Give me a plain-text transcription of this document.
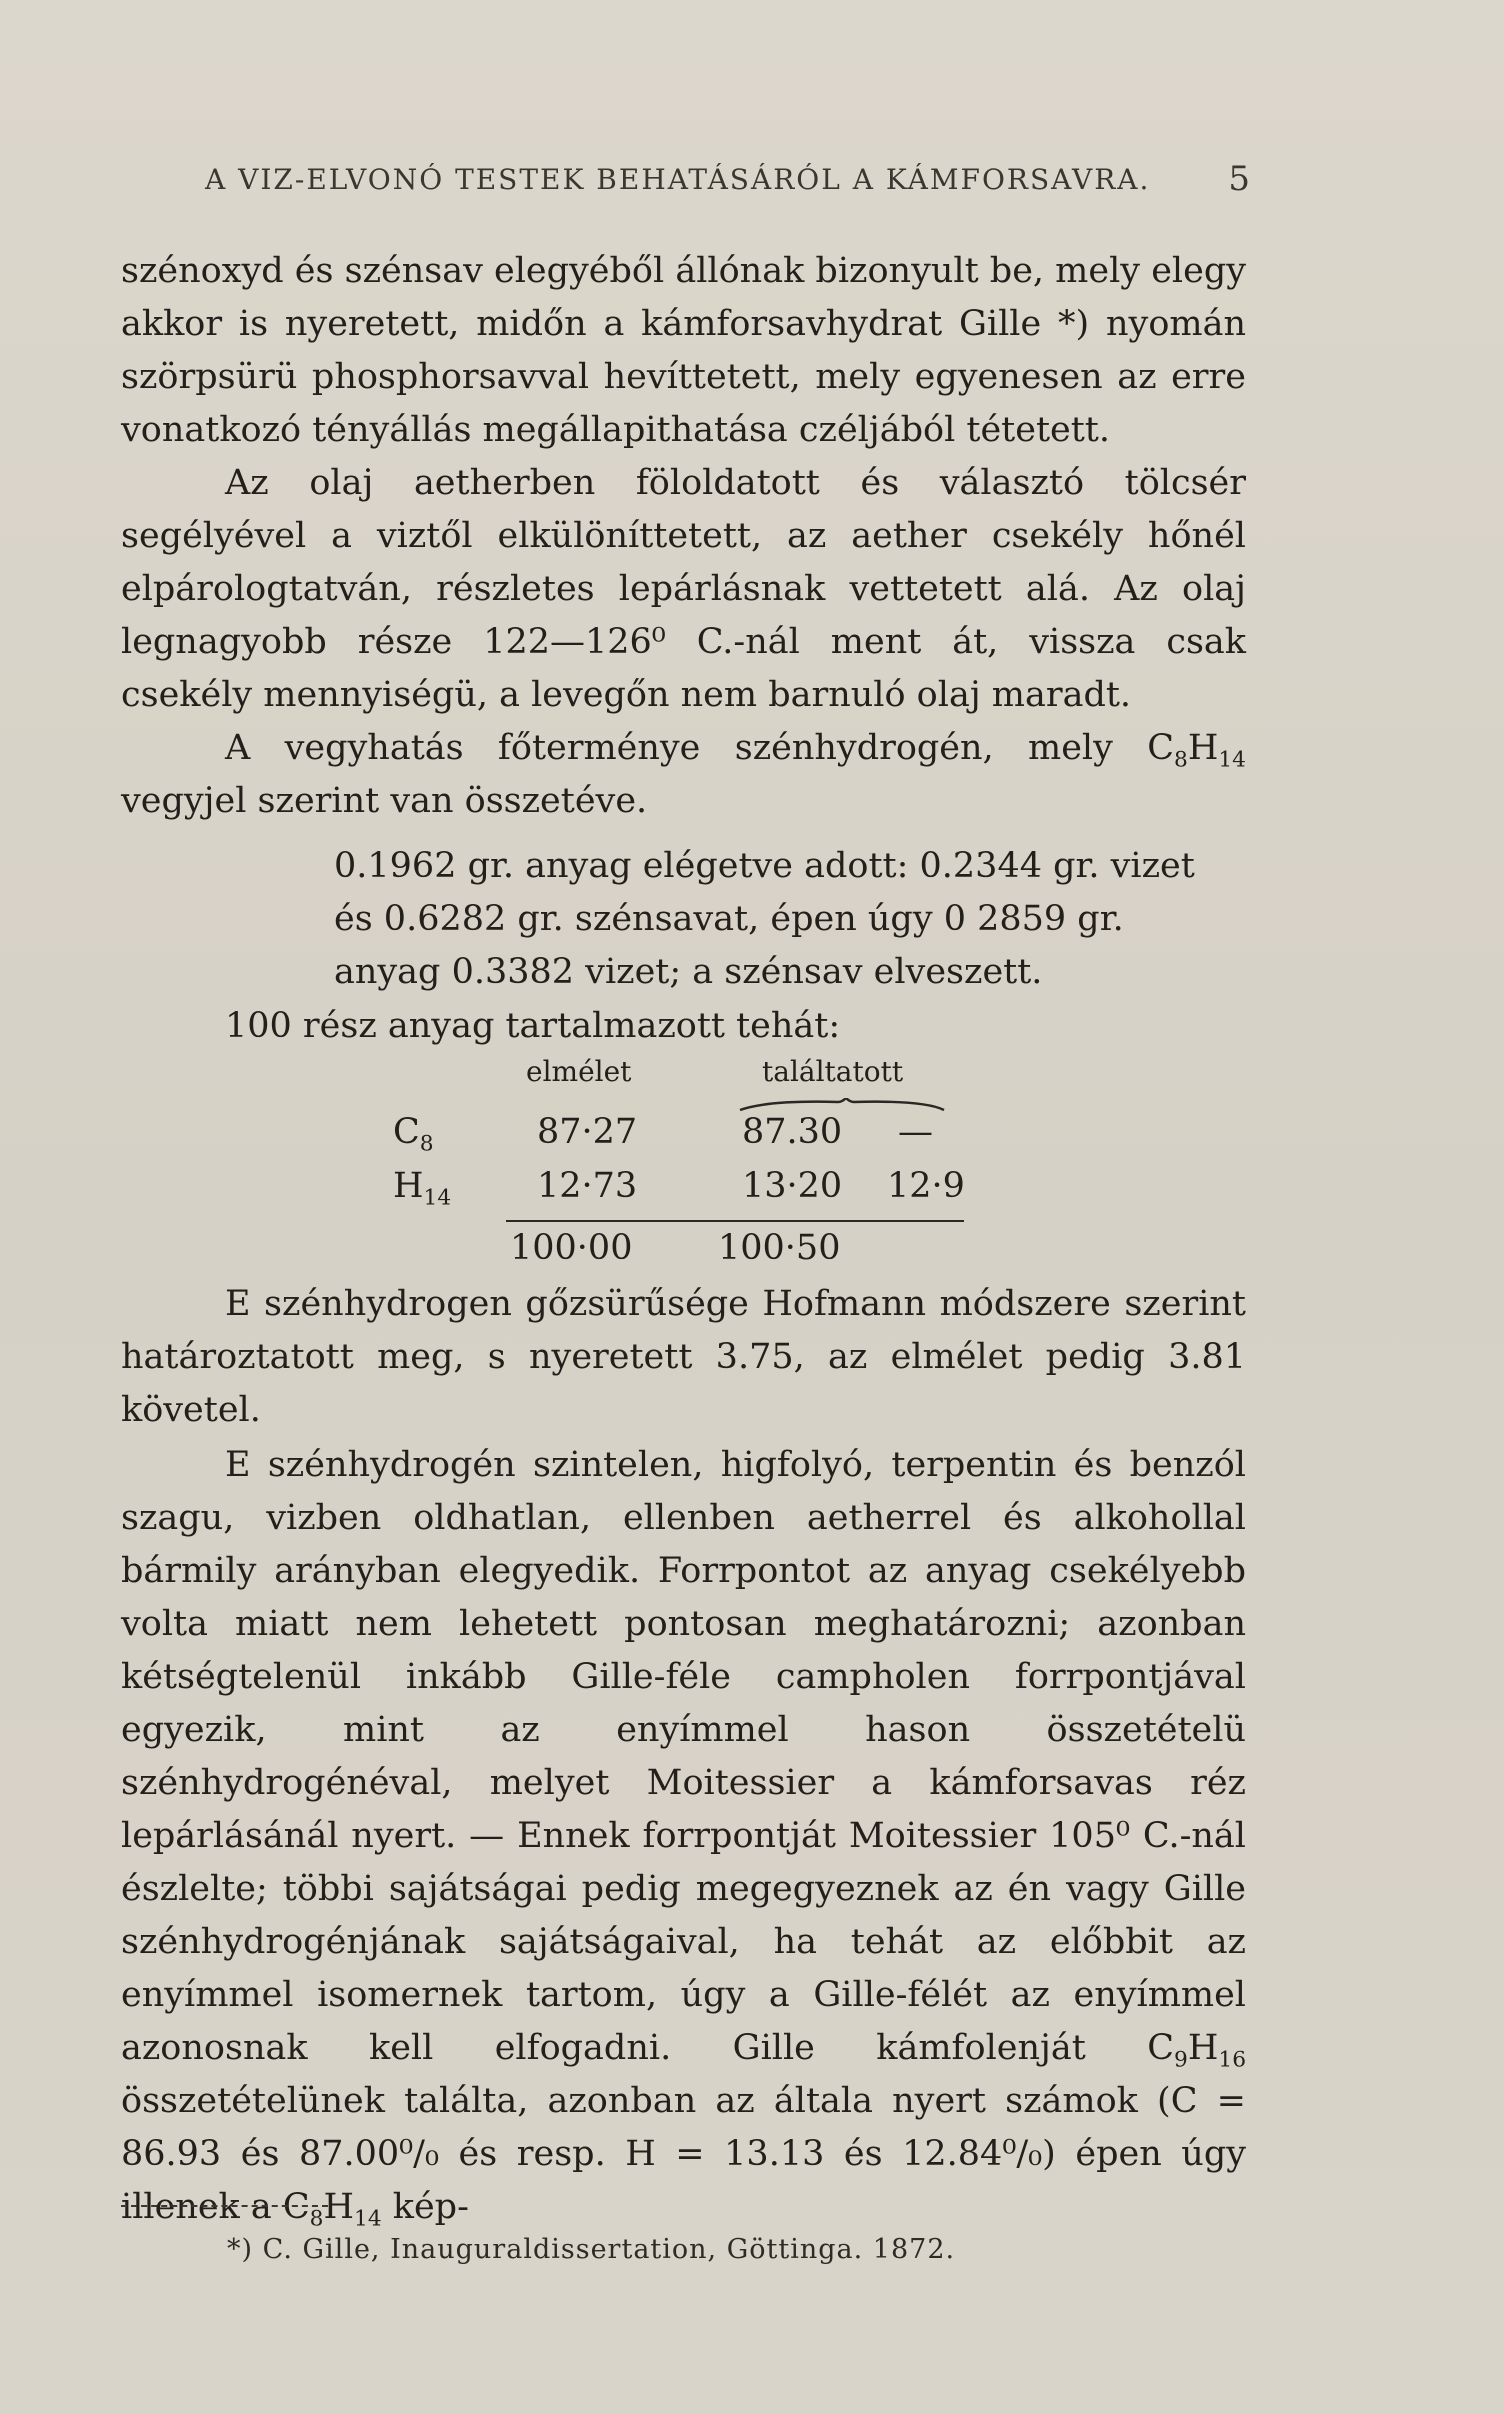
A VIZ-ELVONÓ TESTEK BEHATÁSÁRÓL A KÁMFORSAVRA. 5

szénoxyd és szénsav elegyéből állónak bizonyult be, mely elegy akkor is nyeretett, midőn a kámforsavhydrat Gille *) nyomán szörpsürü phosphorsavval hevíttetett, mely egyenesen az erre vonatkozó tényállás megállapithatása czéljából tétetett.

Az olaj aetherben föloldatott és választó tölcsér segélyével a viztől elkülöníttetett, az aether csekély hőnél elpárologtatván, részletes lepárlásnak vettetett alá. Az olaj legnagyobb része 122—126⁰ C.-nál ment át, vissza csak csekély mennyiségü, a levegőn nem barnuló olaj maradt.

A vegyhatás főterménye szénhydrogén, mely $C_8H_{14}$ vegyjel szerint van összetéve.

0.1962 gr. anyag elégetve adott: 0.2344 gr. vizet
és 0.6282 gr. szénsavat, épen úgy 0 2859 gr.
anyag 0.3382 vizet; a szénsav elveszett.

100 rész anyag tartalmazott tehát:

elmélet	találtatott
$C_8$	87·27	87.30 —
$H_{14}$ 12·73	13·20 12·9
100·00 100·50

E szénhydrogen gőzsürűsége Hofmann módszere szerint határoztatott meg, s nyeretett 3.75, az elmélet pedig 3.81 követel.

E szénhydrogén szintelen, higfolyó, terpentin és benzól szagu, vizben oldhatlan, ellenben aetherrel és alkohollal bármily arányban elegyedik. Forrpontot az anyag csekélyebb volta miatt nem lehetett pontosan meghatározni; azonban kétségtelenül inkább Gille-féle campholen forrpontjával egyezik, mint az enyímmel hason összetételü szénhydrogénéval, melyet Moitessier a kámforsavas réz lepárlásánál nyert. — Ennek forrpontját Moitessier 105⁰ C.-nál észlelte; többi sajátságai pedig megegyeznek az én vagy Gille szénhydrogénjának sajátságaival, ha tehát az előbbit az enyímmel isomernek tartom, úgy a Gille-félét az enyímmel azonosnak kell elfogadni. Gille kámfolenját $C_9H_{16}$ összetételünek találta, azonban az általa nyert számok (C = 86.93 és 87.00⁰/₀ és resp. H = 13.13 és 12.84⁰/₀) épen úgy illenek a $C_8H_{14}$ kép-

*) C. Gille, Inauguraldissertation, Göttinga. 1872.
